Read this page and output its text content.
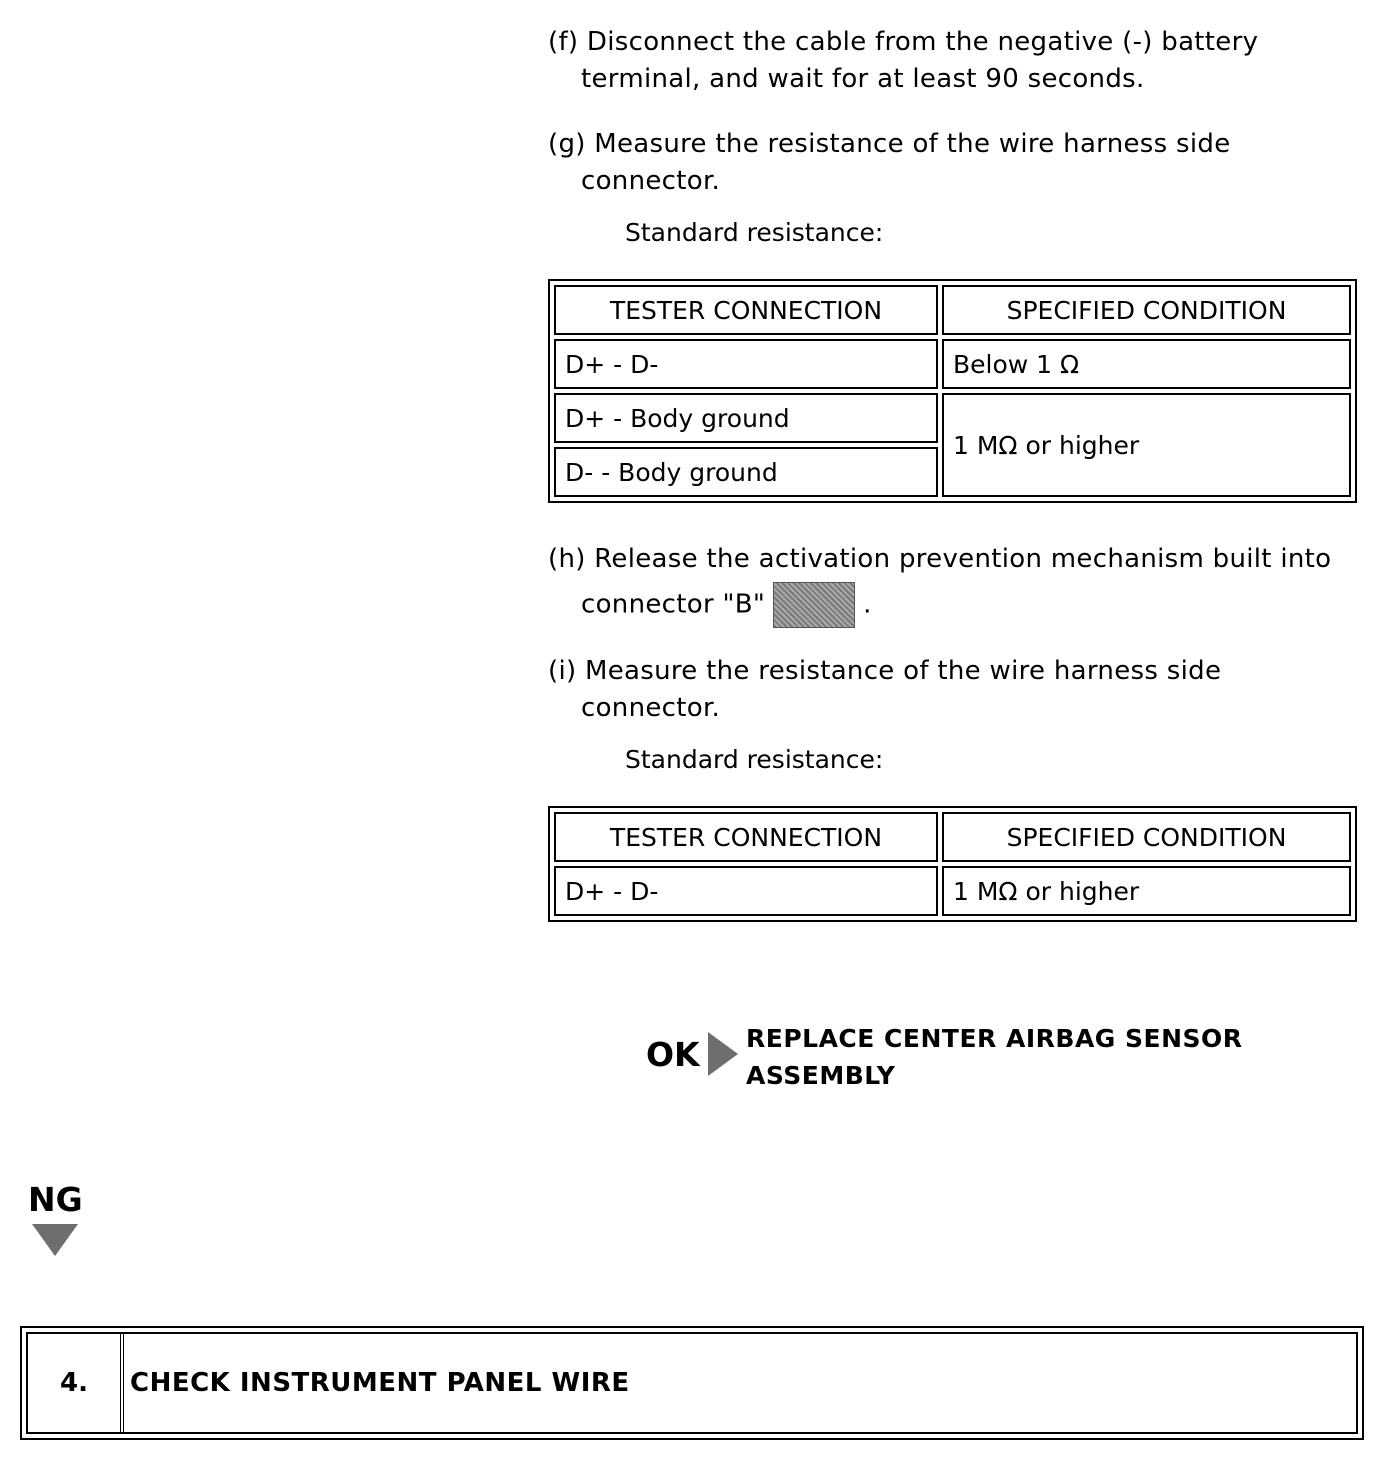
(f) Disconnect the cable from the negative (-) battery
terminal, and wait for at least 90 seconds.
(g) Measure the resistance of the wire harness side
connector.
Standard resistance:
TESTER CONNECTION	SPECIFIED CONDITION
D+ - D-	Below 1 Ω
D+ - Body ground	1 MΩ or higher
D- - Body ground	
(h) Release the activation prevention mechanism built into
connector "B"	.
(i) Measure the resistance of the wire harness side
connector.
Standard resistance:
TESTER CONNECTION	SPECIFIED CONDITION
D+ - D-	1 MΩ or higher
OK REPLACE CENTER AIRBAG SENSOR
ASSEMBLY
NG
4.	CHECK INSTRUMENT PANEL WIRE
